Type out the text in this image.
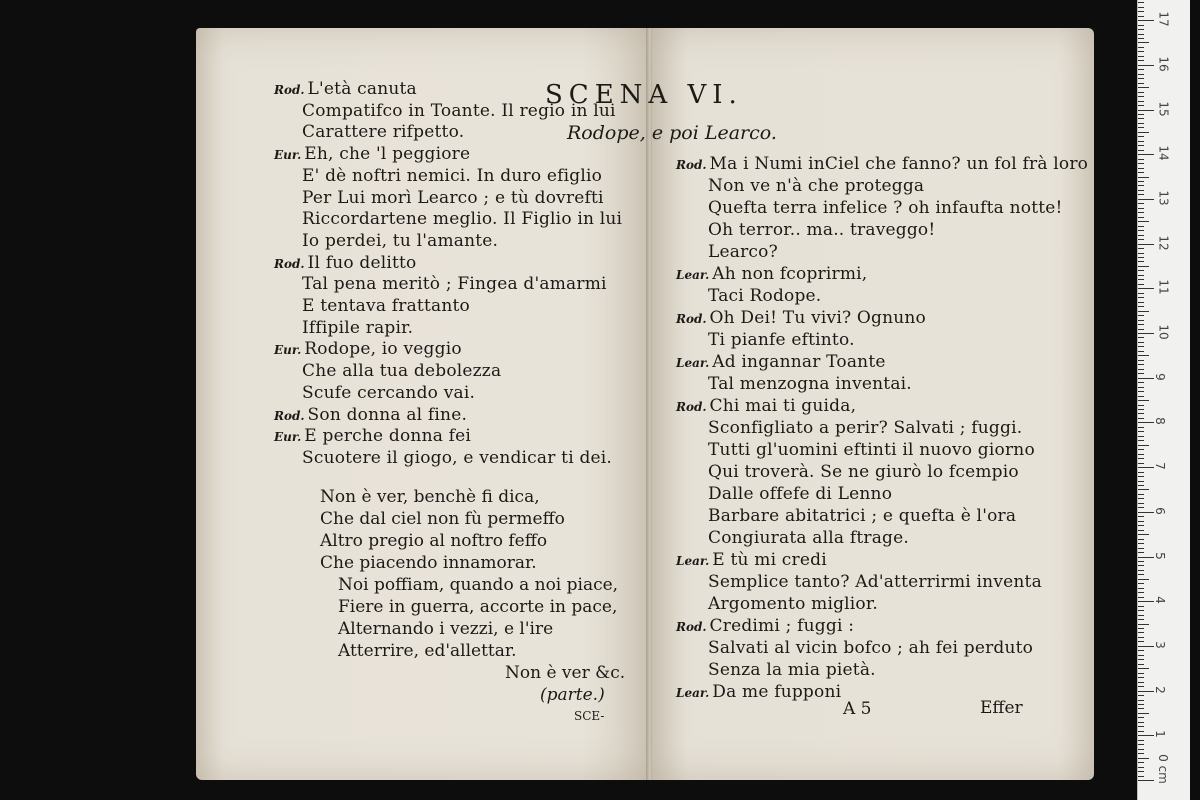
Rod. L'età canuta
Compatifco in Toante. Il regio in lui
Carattere rifpetto.
Eur. Eh, che 'l peggiore
E' dè noftri nemici. In duro efiglio
Per Lui morì Learco ; e tù dovrefti
Riccordartene meglio. Il Figlio in lui
Io perdei, tu l'amante.
Rod. Il fuo delitto
Tal pena meritò ; Fingea d'amarmi
E tentava frattanto
Iffipile rapir.
Eur. Rodope, io veggio
Che alla tua debolezza
Scufe cercando vai.
Rod. Son donna al fine.
Eur. E perche donna fei
Scuotere il giogo, e vendicar ti dei.
Non è ver, benchè fi dica,
Che dal ciel non fù permeffo
Altro pregio al noftro feffo
Che piacendo innamorar.
Noi poffiam, quando a noi piace,
Fiere in guerra, accorte in pace,
Alternando i vezzi, e l'ire
Atterrire, ed'allettar.
Non è ver &c.
(parte.)
SCE-
SCENA VI.
Rodope, e poi Learco.
Rod. Ma i Numi inCiel che fanno? un fol frà loro
Non ve n'à che protegga
Quefta terra infelice ? oh infaufta notte!
Oh terror.. ma.. traveggo!
Learco?
Lear. Ah non fcoprirmi,
Taci Rodope.
Rod. Oh Dei! Tu vivi? Ognuno
Ti pianfe eftinto.
Lear. Ad ingannar Toante
Tal menzogna inventai.
Rod. Chi mai ti guida,
Sconfigliato a perir? Salvati ; fuggi.
Tutti gl'uomini eftinti il nuovo giorno
Qui troverà. Se ne giurò lo fcempio
Dalle offefe di Lenno
Barbare abitatrici ; e quefta è l'ora
Congiurata alla ftrage.
Lear. E tù mi credi
Semplice tanto? Ad'atterrirmi inventa
Argomento miglior.
Rod. Credimi ; fuggi :
Salvati al vicin bofco ; ah fei perduto
Senza la mia pietà.
Lear. Da me fupponi
A 5	Effer
17
16
15
14
13
12
11
10
9
8
7
6
5
4
3
2
1
0 cm
